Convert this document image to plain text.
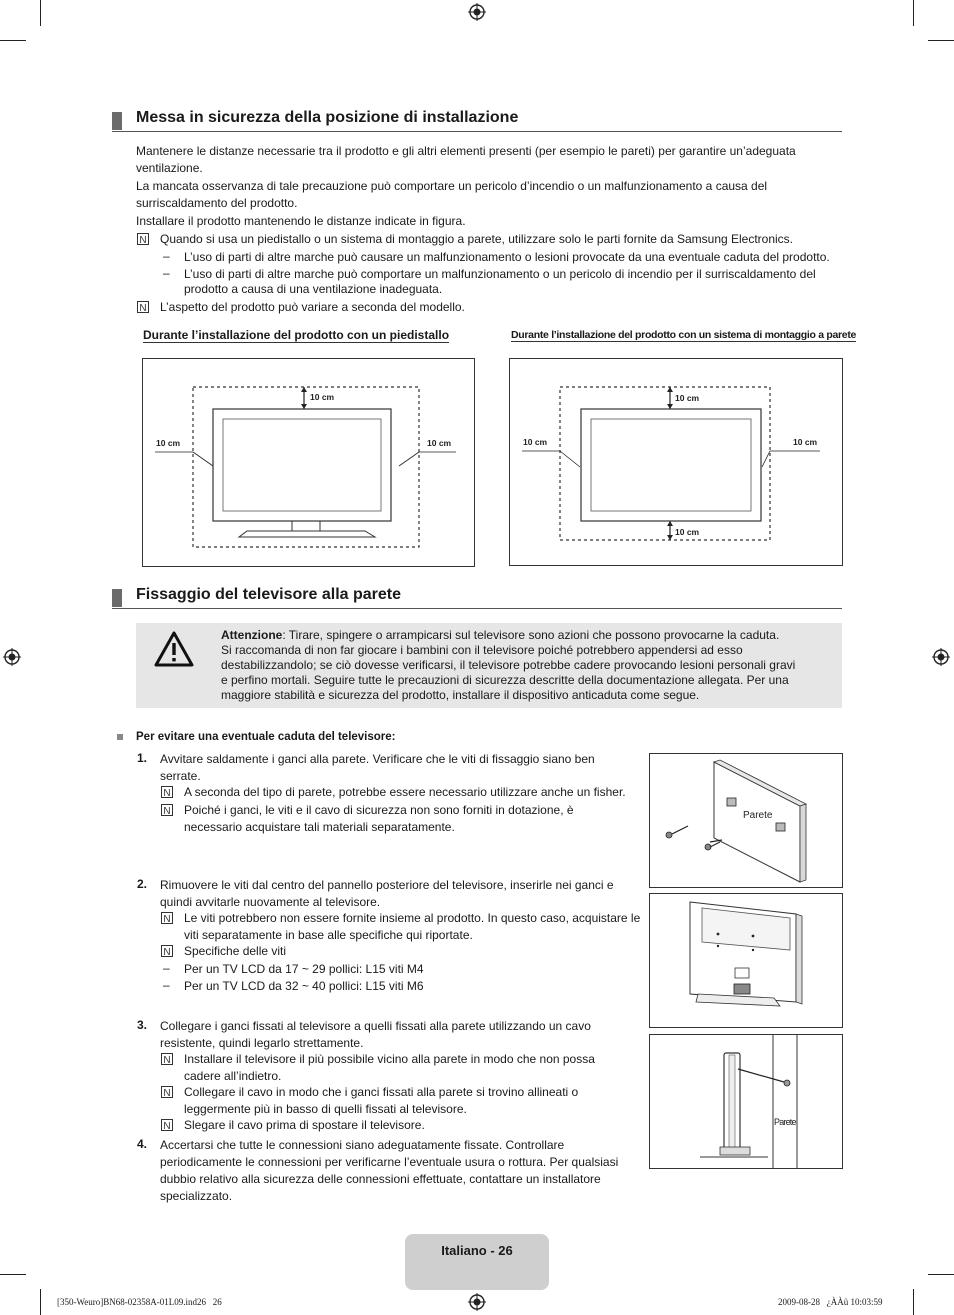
Messa in sicurezza della posizione di installazione
Mantenere le distanze necessarie tra il prodotto e gli altri elementi presenti (per esempio le pareti) per garantire un’adeguata ventilazione.
La mancata osservanza di tale precauzione può comportare un pericolo d’incendio o un malfunzionamento a causa del surriscaldamento del prodotto.
Installare il prodotto mantenendo le distanze indicate in figura.
N Quando si usa un piedistallo o un sistema di montaggio a parete, utilizzare solo le parti fornite da Samsung Electronics.
– L’uso di parti di altre marche può causare un malfunzionamento o lesioni provocate da una eventuale caduta del prodotto.
– L’uso di parti di altre marche può comportare un malfunzionamento o un pericolo di incendio per il surriscaldamento del
prodotto a causa di una ventilazione inadeguata.
N L’aspetto del prodotto può variare a seconda del modello.
Durante l’installazione del prodotto con un piedistallo	Durante l’installazione del prodotto con un sistema di montaggio a parete
10 cm
10 cm	10 cm
10 cm
10 cm	10 cm
10 cm
Fissaggio del televisore alla parete
Attenzione: Tirare, spingere o arrampicarsi sul televisore sono azioni che possono provocarne la caduta.
Si raccomanda di non far giocare i bambini con il televisore poiché potrebbero appendersi ad esso
destabilizzandolo; se ciò dovesse verificarsi, il televisore potrebbe cadere provocando lesioni personali gravi
e perfino mortali. Seguire tutte le precauzioni di sicurezza descritte della documentazione allegata. Per una
maggiore stabilità e sicurezza del prodotto, installare il dispositivo anticaduta come segue.
Per evitare una eventuale caduta del televisore:
1. Avvitare saldamente i ganci alla parete. Verificare che le viti di fissaggio siano ben serrate.
N A seconda del tipo di parete, potrebbe essere necessario utilizzare anche un fisher.
N Poiché i ganci, le viti e il cavo di sicurezza non sono forniti in dotazione, è necessario acquistare tali materiali separatamente.
2. Rimuovere le viti dal centro del pannello posteriore del televisore, inserirle nei ganci e quindi avvitarle nuovamente al televisore.
N Le viti potrebbero non essere fornite insieme al prodotto. In questo caso, acquistare le viti separatamente in base alle specifiche qui riportate.
N Specifiche delle viti
– Per un TV LCD da 17 ~ 29 pollici: L15 viti M4
– Per un TV LCD da 32 ~ 40 pollici: L15 viti M6
3. Collegare i ganci fissati al televisore a quelli fissati alla parete utilizzando un cavo resistente, quindi legarlo strettamente.
N Installare il televisore il più possibile vicino alla parete in modo che non possa cadere all’indietro.
N Collegare il cavo in modo che i ganci fissati alla parete si trovino allineati o leggermente più in basso di quelli fissati al televisore.
N Slegare il cavo prima di spostare il televisore.
4. Accertarsi che tutte le connessioni siano adeguatamente fissate. Controllare periodicamente le connessioni per verificarne l’eventuale usura o rottura. Per qualsiasi dubbio relativo alla sicurezza delle connessioni effettuate, contattare un installatore specializzato.
Parete
Parete
Italiano - 26
[350-Weuro]BN68-02358A-01L09.ind26   26	2009-08-28   ¿ÀÀü 10:03:59
